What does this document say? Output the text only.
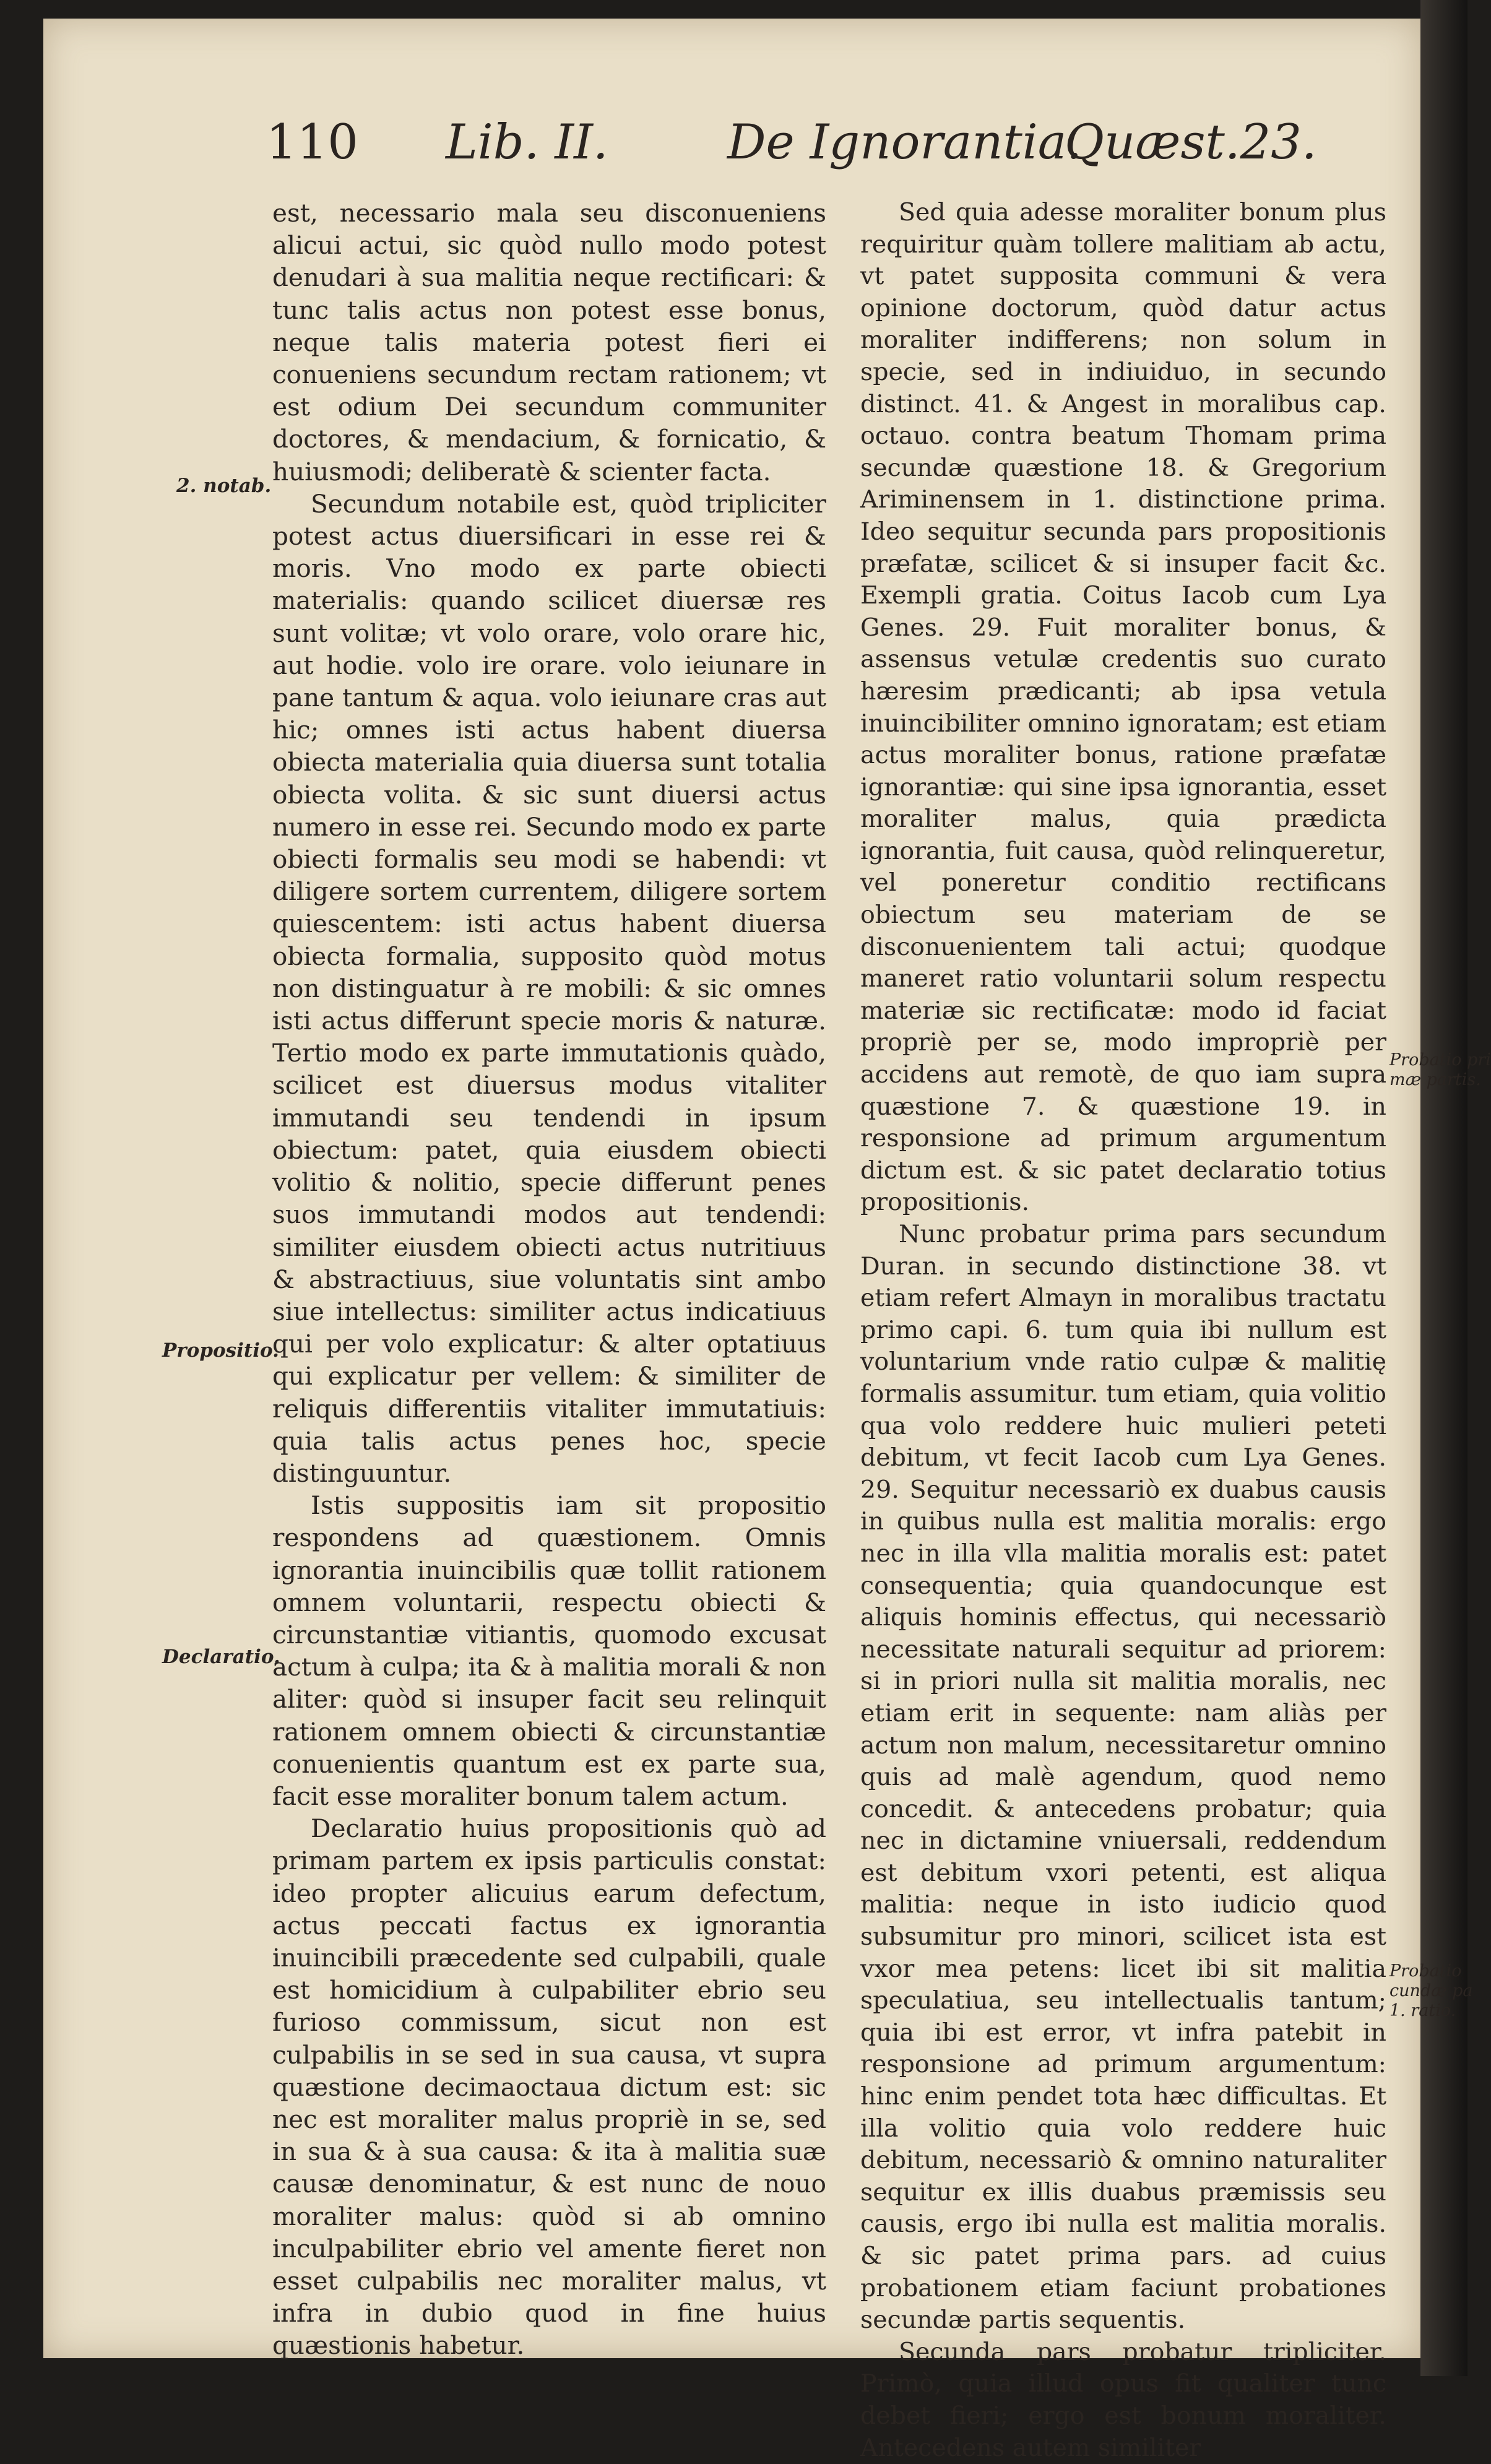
110 Lib. II. De Ignorantia.
Quæst.23.
2. notab.
Propositio.
Declaratio.
Probatio pri
mæ partis.
Probatio
cundæ pa
1. ratio.

est, necessario mala seu disconueniens alicui actui, sic quòd nullo modo potest denudari à sua malitia neque rectificari: & tunc talis actus non potest esse bonus, neque talis materia potest fieri ei conueniens secundum rectam rationem; vt est odium Dei secundum communiter doctores, & mendacium, & fornicatio, & huiusmodi; deliberatè & scienter facta.

Secundum notabile est, quòd tripliciter potest actus diuersificari in esse rei & moris. Vno modo ex parte obiecti materialis: quando scilicet diuersæ res sunt volitæ; vt volo orare, volo orare hic, aut hodie. volo ire orare. volo ieiunare in pane tantum & aqua. volo ieiunare cras aut hic; omnes isti actus habent diuersa obiecta materialia quia diuersa sunt totalia obiecta volita. & sic sunt diuersi actus numero in esse rei. Secundo modo ex parte obiecti formalis seu modi se habendi: vt diligere sortem currentem, diligere sortem quiescentem: isti actus habent diuersa obiecta formalia, supposito quòd motus non distinguatur à re mobili: & sic omnes isti actus differunt specie moris & naturæ. Tertio modo ex parte immutationis quàdo, scilicet est diuersus modus vitaliter immutandi seu tendendi in ipsum obiectum: patet, quia eiusdem obiecti volitio & nolitio, specie differunt penes suos immutandi modos aut tendendi: similiter eiusdem obiecti actus nutritiuus & abstractiuus, siue voluntatis sint ambo siue intellectus: similiter actus indicatiuus qui per volo explicatur: & alter optatiuus qui explicatur per vellem: & similiter de reliquis differentiis vitaliter immutatiuis: quia talis actus penes hoc, specie distinguuntur.

Istis suppositis iam sit propositio respondens ad quæstionem. Omnis ignorantia inuincibilis quæ tollit rationem omnem voluntarii, respectu obiecti & circunstantiæ vitiantis, quomodo excusat actum à culpa; ita & à malitia morali & non aliter: quòd si insuper facit seu relinquit rationem omnem obiecti & circunstantiæ conuenientis quantum est ex parte sua, facit esse moraliter bonum talem actum.

Declaratio huius propositionis quò ad primam partem ex ipsis particulis constat: ideo propter alicuius earum defectum, actus peccati factus ex ignorantia inuincibili præcedente sed culpabili, quale est homicidium à culpabiliter ebrio seu furioso commissum, sicut non est culpabilis in se sed in sua causa, vt supra quæstione decimaoctaua dictum est: sic nec est moraliter malus propriè in se, sed in sua & à sua causa: & ita à malitia suæ causæ denominatur, & est nunc de nouo moraliter malus: quòd si ab omnino inculpabiliter ebrio vel amente fieret non esset culpabilis nec moraliter malus, vt infra in dubio quod in fine huius quæstionis habetur.

Sed quia adesse moraliter bonum plus requiritur quàm tollere malitiam ab actu, vt patet supposita communi & vera opinione doctorum, quòd datur actus moraliter indifferens; non solum in specie, sed in indiuiduo, in secundo distinct. 41. & Angest in moralibus cap. octauo. contra beatum Thomam prima secundæ quæstione 18. & Gregorium Ariminensem in 1. distinctione prima. Ideo sequitur secunda pars propositionis præfatæ, scilicet & si insuper facit &c. Exempli gratia. Coitus Iacob cum Lya Genes. 29. Fuit moraliter bonus, & assensus vetulæ credentis suo curato hæresim prædicanti; ab ipsa vetula inuincibiliter omnino ignoratam; est etiam actus moraliter bonus, ratione præfatæ ignorantiæ: qui sine ipsa ignorantia, esset moraliter malus, quia prædicta ignorantia, fuit causa, quòd relinqueretur, vel poneretur conditio rectificans obiectum seu materiam de se disconuenientem tali actui; quodque maneret ratio voluntarii solum respectu materiæ sic rectificatæ: modo id faciat propriè per se, modo impropriè per accidens aut remotè, de quo iam supra quæstione 7. & quæstione 19. in responsione ad primum argumentum dictum est. & sic patet declaratio totius propositionis.

Nunc probatur prima pars secundum Duran. in secundo distinctione 38. vt etiam refert Almayn in moralibus tractatu primo capi. 6. tum quia ibi nullum est voluntarium vnde ratio culpæ & malitię formalis assumitur. tum etiam, quia volitio qua volo reddere huic mulieri peteti debitum, vt fecit Iacob cum Lya Genes. 29. Sequitur necessariò ex duabus causis in quibus nulla est malitia moralis: ergo nec in illa vlla malitia moralis est: patet consequentia; quia quandocunque est aliquis hominis effectus, qui necessariò necessitate naturali sequitur ad priorem: si in priori nulla sit malitia moralis, nec etiam erit in sequente: nam aliàs per actum non malum, necessitaretur omnino quis ad malè agendum, quod nemo concedit. & antecedens probatur; quia nec in dictamine vniuersali, reddendum est debitum vxori petenti, est aliqua malitia: neque in isto iudicio quod subsumitur pro minori, scilicet ista est vxor mea petens: licet ibi sit malitia speculatiua, seu intellectualis tantum; quia ibi est error, vt infra patebit in responsione ad primum argumentum: hinc enim pendet tota hæc difficultas. Et illa volitio quia volo reddere huic debitum, necessariò & omnino naturaliter sequitur ex illis duabus præmissis seu causis, ergo ibi nulla est malitia moralis. & sic patet prima pars. ad cuius probationem etiam faciunt probationes secundæ partis sequentis.

Secunda pars probatur tripliciter. Primò, quia illud opus fit qualiter tunc debet fieri; ergo est bonum moraliter. Antecedens autem similiter
